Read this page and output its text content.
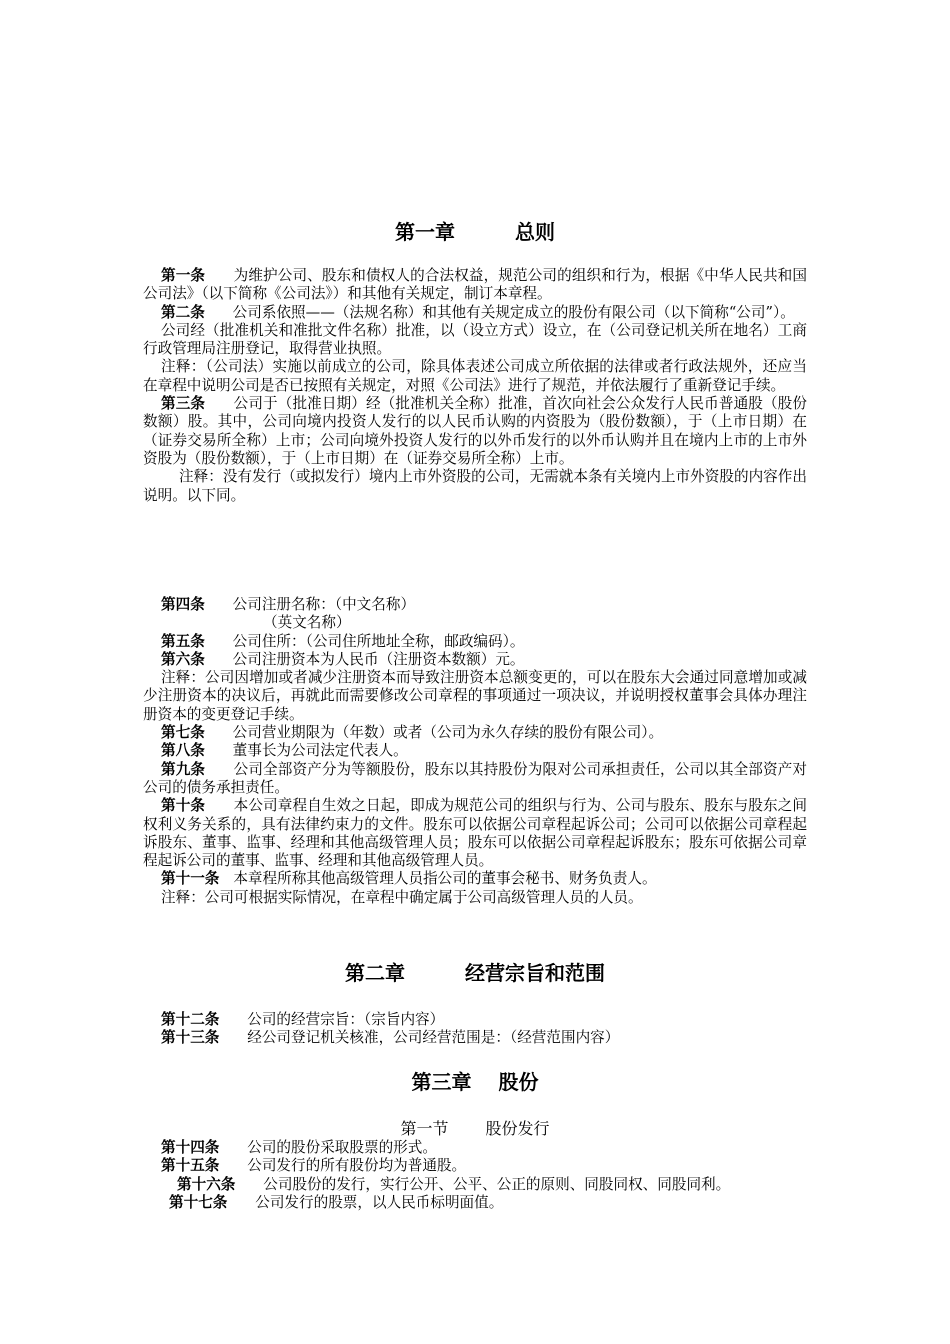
第一章　　　总则
第一条 为维护公司、股东和债权人的合法权益，规范公司的组织和行为，根据《中华人民共和国公司法》（以下简称《公司法》）和其他有关规定，制订本章程。
第二条 公司系依照——（法规名称）和其他有关规定成立的股份有限公司（以下简称“公司”）。
公司经（批准机关和准批文件名称）批准，以（设立方式）设立，在（公司登记机关所在地名）工商行政管理局注册登记，取得营业执照。
注释：（公司法）实施以前成立的公司，除具体表述公司成立所依据的法律或者行政法规外，还应当在章程中说明公司是否已按照有关规定，对照《公司法》进行了规范，并依法履行了重新登记手续。
第三条 公司于（批准日期）经（批准机关全称）批准，首次向社会公众发行人民币普通股（股份数额）股。其中，公司向境内投资人发行的以人民币认购的内资股为（股份数额），于（上市日期）在（证券交易所全称）上市；公司向境外投资人发行的以外币发行的以外币认购并且在境内上市的上市外资股为（股份数额），于（上市日期）在（证券交易所全称）上市。
注释：没有发行（或拟发行）境内上市外资股的公司，无需就本条有关境内上市外资股的内容作出说明。以下同。
第四条 公司注册名称：（中文名称）
（英文名称）
第五条 公司住所：（公司住所地址全称，邮政编码）。
第六条 公司注册资本为人民币（注册资本数额）元。
注释：公司因增加或者减少注册资本而导致注册资本总额变更的，可以在股东大会通过同意增加或减少注册资本的决议后，再就此而需要修改公司章程的事项通过一项决议，并说明授权董事会具体办理注册资本的变更登记手续。
第七条 公司营业期限为（年数）或者（公司为永久存续的股份有限公司）。
第八条 董事长为公司法定代表人。
第九条 公司全部资产分为等额股份，股东以其持股份为限对公司承担责任，公司以其全部资产对公司的债务承担责任。
第十条 本公司章程自生效之日起，即成为规范公司的组织与行为、公司与股东、股东与股东之间权利义务关系的，具有法律约束力的文件。股东可以依据公司章程起诉公司；公司可以依据公司章程起诉股东、董事、监事、经理和其他高级管理人员；股东可以依据公司章程起诉股东；股东可依据公司章程起诉公司的董事、监事、经理和其他高级管理人员。
第十一条 本章程所称其他高级管理人员指公司的董事会秘书、财务负责人。
注释：公司可根据实际情况，在章程中确定属于公司高级管理人员的人员。
第二章　　　经营宗旨和范围
第十二条 公司的经营宗旨：（宗旨内容）
第十三条 经公司登记机关核准，公司经营范围是：（经营范围内容）
第三章　 股份
第一节　　 股份发行
第十四条 公司的股份采取股票的形式。
第十五条 公司发行的所有股份均为普通股。
第十六条 公司股份的发行，实行公开、公平、公正的原则、同股同权、同股同利。
第十七条 公司发行的股票，以人民币标明面值。
